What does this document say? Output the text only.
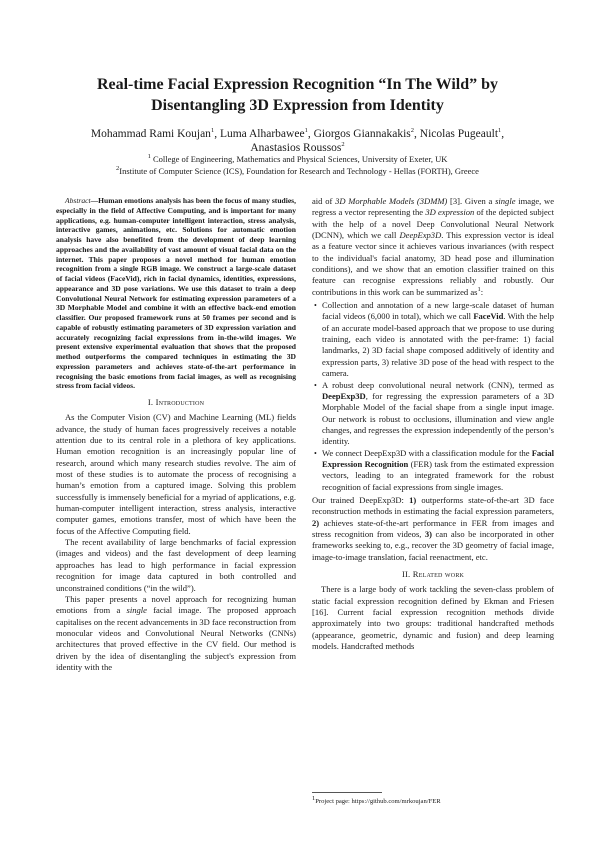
Real-time Facial Expression Recognition “In The Wild” by Disentangling 3D Expression from Identity
Mohammad Rami Koujan$^1$, Luma Alharbawee$^1$, Giorgos Giannakakis$^2$, Nicolas Pugeault$^1$,
Anastasios Roussos$^2$
$^1$ College of Engineering, Mathematics and Physical Sciences, University of Exeter, UK
$^2$Institute of Computer Science (ICS), Foundation for Research and Technology - Hellas (FORTH), Greece

Abstract—Human emotions analysis has been the focus of many studies, especially in the field of Affective Computing, and is important for many applications, e.g. human-computer intelligent interaction, stress analysis, interactive games, animations, etc. Solutions for automatic emotion analysis have also benefited from the development of deep learning approaches and the availability of vast amount of visual facial data on the internet. This paper proposes a novel method for human emotion recognition from a single RGB image. We construct a large-scale dataset of facial videos (FaceVid), rich in facial dynamics, identities, expressions, appearance and 3D pose variations. We use this dataset to train a deep Convolutional Neural Network for estimating expression parameters of a 3D Morphable Model and combine it with an effective back-end emotion classifier. Our proposed framework runs at 50 frames per second and is capable of robustly estimating parameters of 3D expression variation and accurately recognizing facial expressions from in-the-wild images. We present extensive experimental evaluation that shows that the proposed method outperforms the compared techniques in estimating the 3D expression parameters and achieves state-of-the-art performance in recognising the basic emotions from facial images, as well as recognising stress from facial videos.

I. Introduction

As the Computer Vision (CV) and Machine Learning (ML) fields advance, the study of human faces progressively receives a notable attention due to its central role in a plethora of key applications. Human emotion recognition is an increasingly popular line of research, around which many research studies revolve. The aim of most of these studies is to automate the process of recognising a human’s emotion from a captured image. Solving this problem successfully is immensely beneficial for a myriad of applications, e.g. human-computer intelligent interaction, stress analysis, interactive computer games, emotions transfer, most of which have been the focus of the Affective Computing field.

The recent availability of large benchmarks of facial expression (images and videos) and the fast development of deep learning approaches has lead to high performance in facial expression recognition for image data captured in both controlled and unconstrained conditions (“in the wild”).

This paper presents a novel approach for recognizing human emotions from a single facial image. The proposed approach capitalises on the recent advancements in 3D face reconstruction from monocular videos and Convolutional Neural Networks (CNNs) architectures that proved effective in the CV field. Our method is driven by the idea of disentangling the subject's expression from identity with the

aid of 3D Morphable Models (3DMM) [3]. Given a single image, we regress a vector representing the 3D expression of the depicted subject with the help of a novel Deep Convolutional Neural Network (DCNN), which we call DeepExp3D. This expression vector is ideal as a feature vector since it achieves various invariances (with respect to the individual's facial anatomy, 3D head pose and illumination conditions), and we show that an emotion classifier trained on this feature can recognise expressions reliably and robustly. Our contributions in this work can be summarized $as^1$:

• Collection and annotation of a new large-scale dataset of human facial videos (6,000 in total), which we call FaceVid. With the help of an accurate model-based approach that we propose to use during training, each video is annotated with the per-frame: 1) facial landmarks, 2) 3D facial shape composed additively of identity and expression parts, 3) relative 3D pose of the head with respect to the camera.
• A robust deep convolutional neural network (CNN), termed as DeepExp3D, for regressing the expression parameters of a 3D Morphable Model of the facial shape from a single input image. Our network is robust to occlusions, illumination and view angle changes, and regresses the expression independently of the person’s identity.
• We connect DeepExp3D with a classification module for the Facial Expression Recognition (FER) task from the estimated expression vectors, leading to an integrated framework for the robust recognition of facial expressions from single images.

Our trained DeepExp3D: 1) outperforms state-of-the-art 3D face reconstruction methods in estimating the facial expression parameters, 2) achieves state-of-the-art performance in FER from images and stress recognition from videos, 3) can also be incorporated in other frameworks seeking to, e.g., recover the 3D geometry of facial image, image-to-image translation, facial reenactment, etc.

II. Related work

There is a large body of work tackling the seven-class problem of static facial expression recognition defined by Ekman and Friesen [16]. Current facial expression recognition methods divide approximately into two groups: traditional handcrafted methods (appearance, geometric, dynamic and fusion) and deep learning models. Handcrafted methods

$^1$Project page: https://github.com/mrkoujan/FER
